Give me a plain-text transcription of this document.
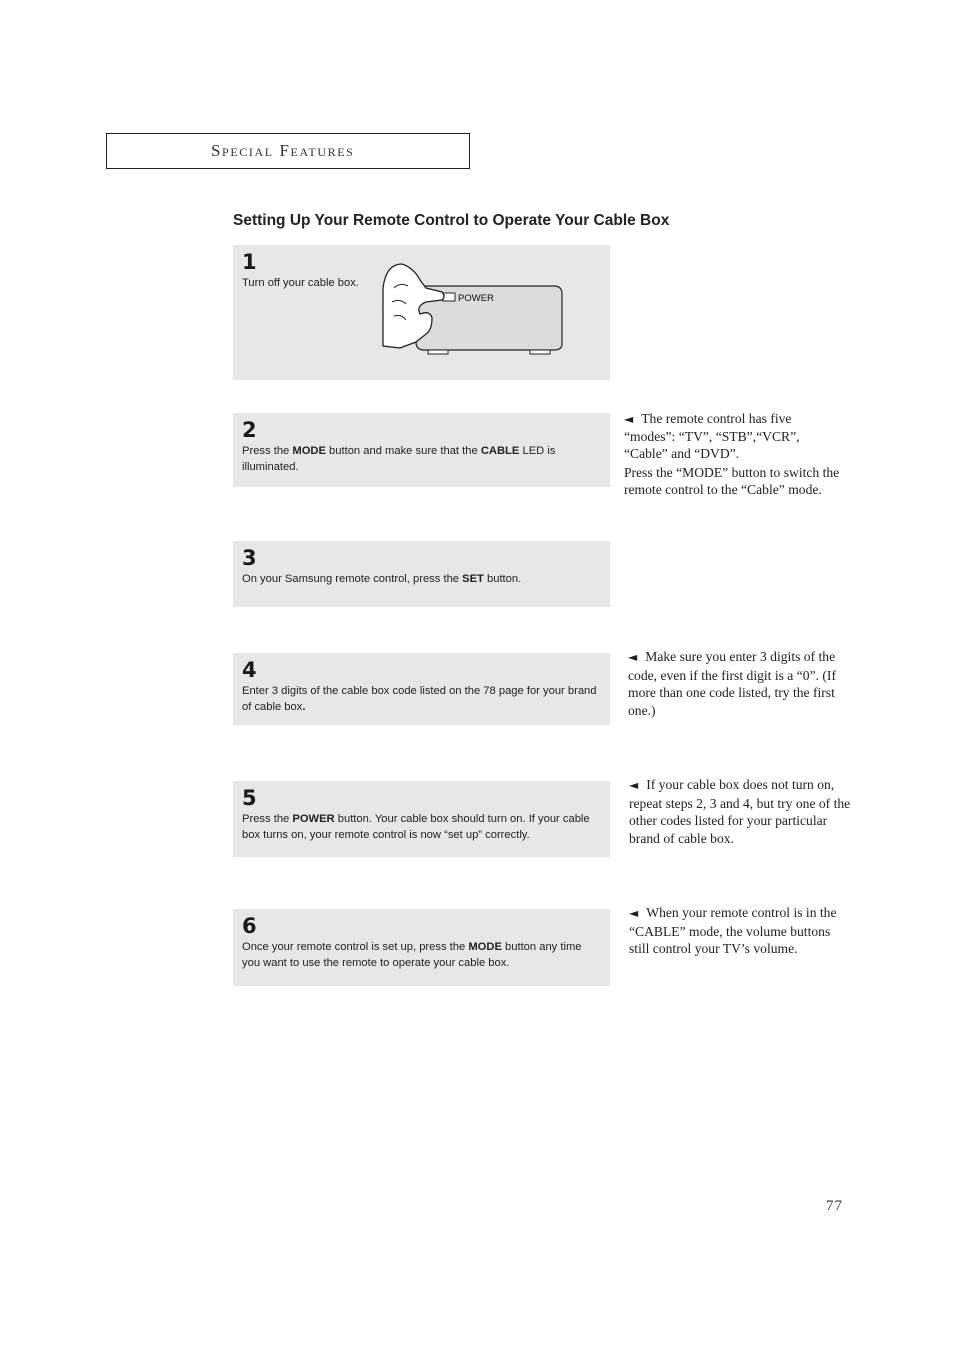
Special Features
Setting Up Your Remote Control to Operate Your Cable Box
1
Turn off your cable box.
POWER
2
Press the MODE button and make sure that the CABLE LED is illuminated.
3
On your Samsung remote control, press the SET button.
4
Enter 3 digits of the cable box code listed on the 78 page for your brand of cable box.
5
Press the POWER button. Your cable box should turn on. If your cable box turns on, your remote control is now “set up” correctly.
6
Once your remote control is set up, press the MODE button any time you want to use the remote to operate your cable box.

◄ The remote control has five “modes”: “TV”, “STB”,“VCR”, “Cable” and “DVD”.

Press the “MODE” button to switch the remote control to the “Cable” mode.

◄ Make sure you enter 3 digits of the code, even if the first digit is a “0”. (If more than one code listed, try the first one.)

◄ If your cable box does not turn on, repeat steps 2, 3 and 4, but try one of the other codes listed for your particular brand of cable box.

◄ When your remote control is in the “CABLE” mode, the volume buttons still control your TV’s volume.

77
